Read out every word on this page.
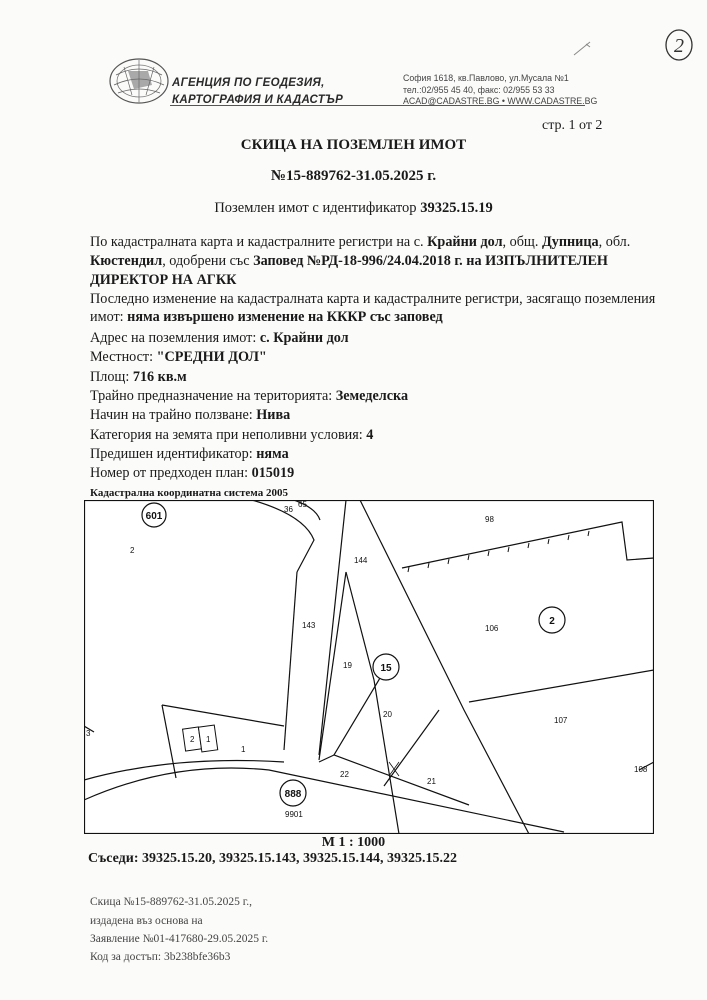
АГЕНЦИЯ ПО ГЕОДЕЗИЯ,
КАРТОГРАФИЯ И КАДАСТЪР
София 1618, кв.Павлово, ул.Мусала №1
тел.:02/955 45 40, факс: 02/955 53 33
ACAD@CADASTRE.BG • WWW.CADASTRE.BG
2
стр. 1 от 2
СКИЦА НА ПОЗЕМЛЕН ИМОТ
№15-889762-31.05.2025 г.
Поземлен имот с идентификатор 39325.15.19
По кадастралната карта и кадастралните регистри на с. Крайни дол, общ. Дупница, обл.
Кюстендил, одобрени със Заповед №РД-18-996/24.04.2018 г. на ИЗПЪЛНИТЕЛЕН
ДИРЕКТОР НА АГКК
Последно изменение на кадастралната карта и кадастралните регистри, засягащо поземления
имот: няма извършено изменение на КККР със заповед
Адрес на поземления имот: с. Крайни дол
Местност: "СРЕДНИ ДОЛ"
Площ: 716 кв.м
Трайно предназначение на територията: Земеделска
Начин на трайно ползване: Нива
Категория на земята при неполивни условия: 4
Предишен идентификатор: няма
Номер от предходен план: 015019
Кадастрална координатна система 2005
601
15
2
888
36
65
2
98
144
143	106
19
20
107
1
2 1
3
22
21
108
9901
M 1 : 1000
Съседи: 39325.15.20, 39325.15.143, 39325.15.144, 39325.15.22
Скица №15-889762-31.05.2025 г.,
издадена въз основа на
Заявление №01-417680-29.05.2025 г.
Код за достъп: 3b238bfe36b3
